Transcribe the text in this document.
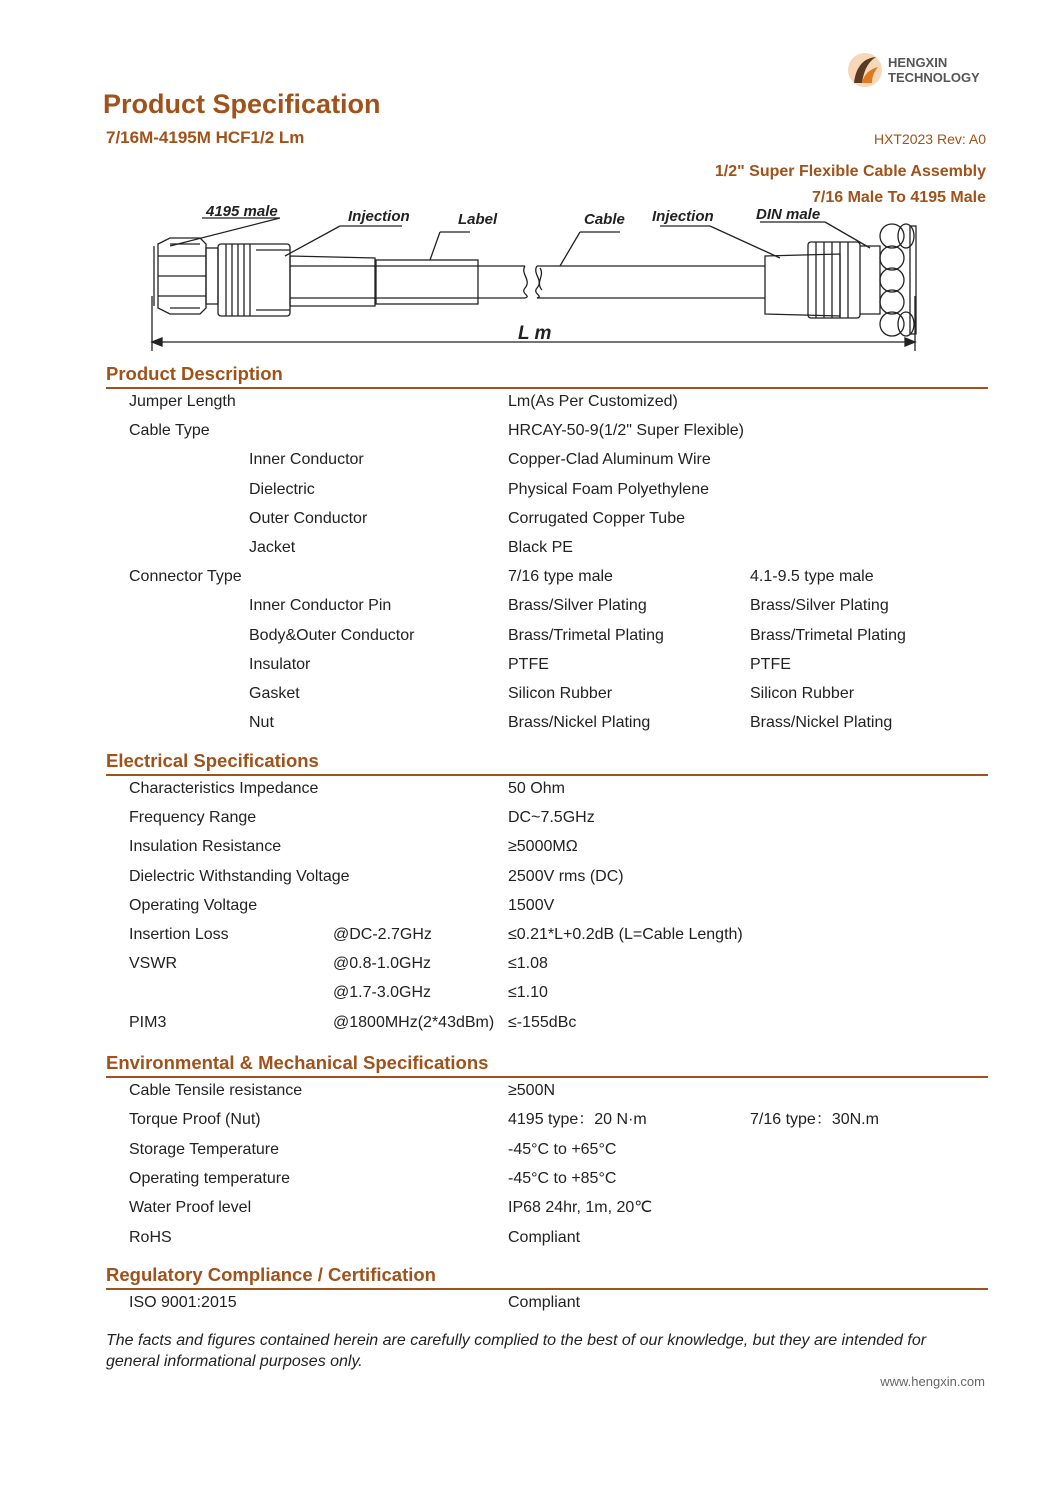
HENGXIN
TECHNOLOGY
Product Specification
7/16M-4195M HCF1/2 Lm	HXT2023 Rev: A0
1/2" Super Flexible Cable Assembly
7/16 Male To 4195 Male
4195 male	Injection	Label	Cable Injection	DIN male
L m
Product Description
Jumper Length	Lm(As Per Customized)
Cable Type	HRCAY-50-9(1/2" Super Flexible)
Inner Conductor	Copper-Clad Aluminum Wire
Dielectric	Physical Foam Polyethylene
Outer Conductor	Corrugated Copper Tube
Jacket	Black PE
Connector Type	7/16 type male	4.1-9.5 type male
Inner Conductor Pin	Brass/Silver Plating	Brass/Silver Plating
Body&Outer Conductor	Brass/Trimetal Plating	Brass/Trimetal Plating
Insulator	PTFE	PTFE
Gasket	Silicon Rubber	Silicon Rubber
Nut	Brass/Nickel Plating	Brass/Nickel Plating
Electrical Specifications
Characteristics Impedance	50 Ohm
Frequency Range	DC~7.5GHz
Insulation Resistance	≥5000MΩ
Dielectric Withstanding Voltage	2500V rms (DC)
Operating Voltage	1500V
Insertion Loss	@DC-2.7GHz	≤0.21*L+0.2dB (L=Cable Length)
VSWR	@0.8-1.0GHz	≤1.08
@1.7-3.0GHz	≤1.10
PIM3	@1800MHz(2*43dBm) ≤-155dBc
Environmental & Mechanical Specifications
Cable Tensile resistance	≥500N
Torque Proof (Nut)	4195 type：20 N·m	7/16 type：30N.m
Storage Temperature	-45°C to +65°C
Operating temperature	-45°C to +85°C
Water Proof level	IP68 24hr, 1m, 20℃
RoHS	Compliant
Regulatory Compliance / Certification
ISO 9001:2015	Compliant
The facts and figures contained herein are carefully complied to the best of our knowledge, but they are intended for
general informational purposes only.
www.hengxin.com
